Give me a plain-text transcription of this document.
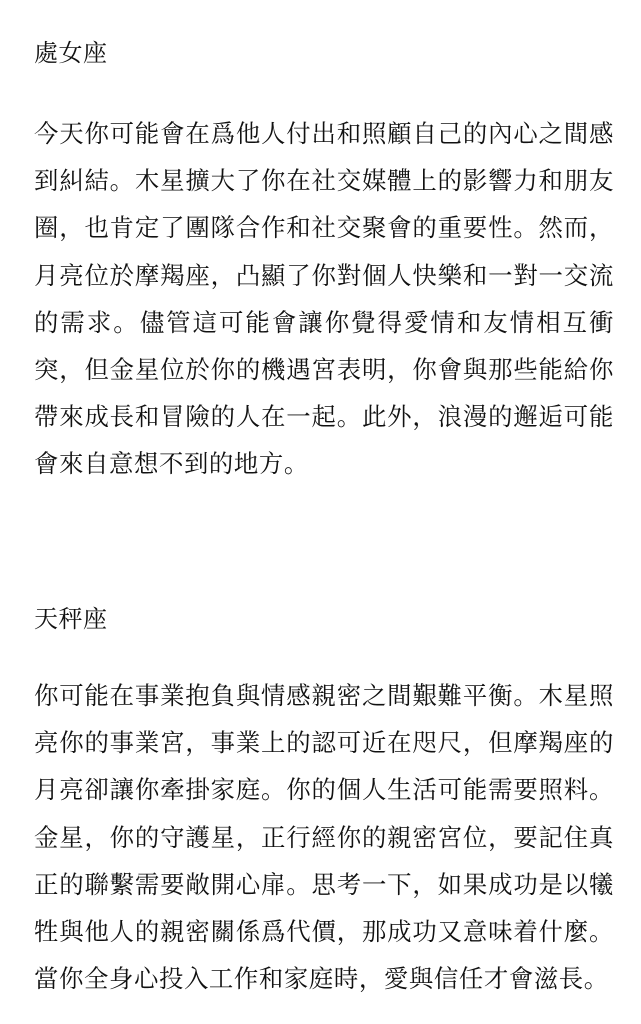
處女座

今天你可能會在爲他人付出和照顧自己的內心之間感到糾結。木星擴大了你在社交媒體上的影響力和朋友圈，也肯定了團隊合作和社交聚會的重要性。然而，月亮位於摩羯座，凸顯了你對個人快樂和一對一交流的需求。儘管這可能會讓你覺得愛情和友情相互衝突，但金星位於你的機遇宮表明，你會與那些能給你帶來成長和冒險的人在一起。此外，浪漫的邂逅可能會來自意想不到的地方。

天秤座

你可能在事業抱負與情感親密之間艱難平衡。木星照亮你的事業宮，事業上的認可近在咫尺，但摩羯座的月亮卻讓你牽掛家庭。你的個人生活可能需要照料。金星，你的守護星，正行經你的親密宮位，要記住真正的聯繫需要敞開心扉。思考一下，如果成功是以犧牲與他人的親密關係爲代價，那成功又意味着什麼。當你全身心投入工作和家庭時，愛與信任才會滋長。
